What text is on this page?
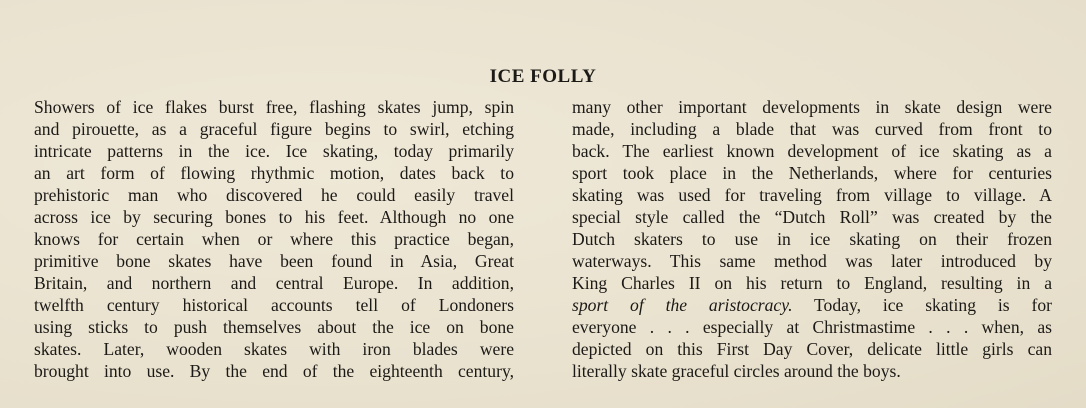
ICE FOLLY
Showers of ice flakes burst free, flashing skates jump, spin
and pirouette, as a graceful figure begins to swirl, etching
intricate patterns in the ice. Ice skating, today primarily
an art form of flowing rhythmic motion, dates back to
prehistoric man who discovered he could easily travel
across ice by securing bones to his feet. Although no one
knows for certain when or where this practice began,
primitive bone skates have been found in Asia, Great
Britain, and northern and central Europe. In addition,
twelfth century historical accounts tell of Londoners
using sticks to push themselves about the ice on bone
skates. Later, wooden skates with iron blades were
brought into use. By the end of the eighteenth century,
many other important developments in skate design were
made, including a blade that was curved from front to
back. The earliest known development of ice skating as a
sport took place in the Netherlands, where for centuries
skating was used for traveling from village to village. A
special style called the “Dutch Roll” was created by the
Dutch skaters to use in ice skating on their frozen
waterways. This same method was later introduced by
King Charles II on his return to England, resulting in a
sport of the aristocracy. Today, ice skating is for
everyone . . . especially at Christmastime . . . when, as
depicted on this First Day Cover, delicate little girls can
literally skate graceful circles around the boys.
